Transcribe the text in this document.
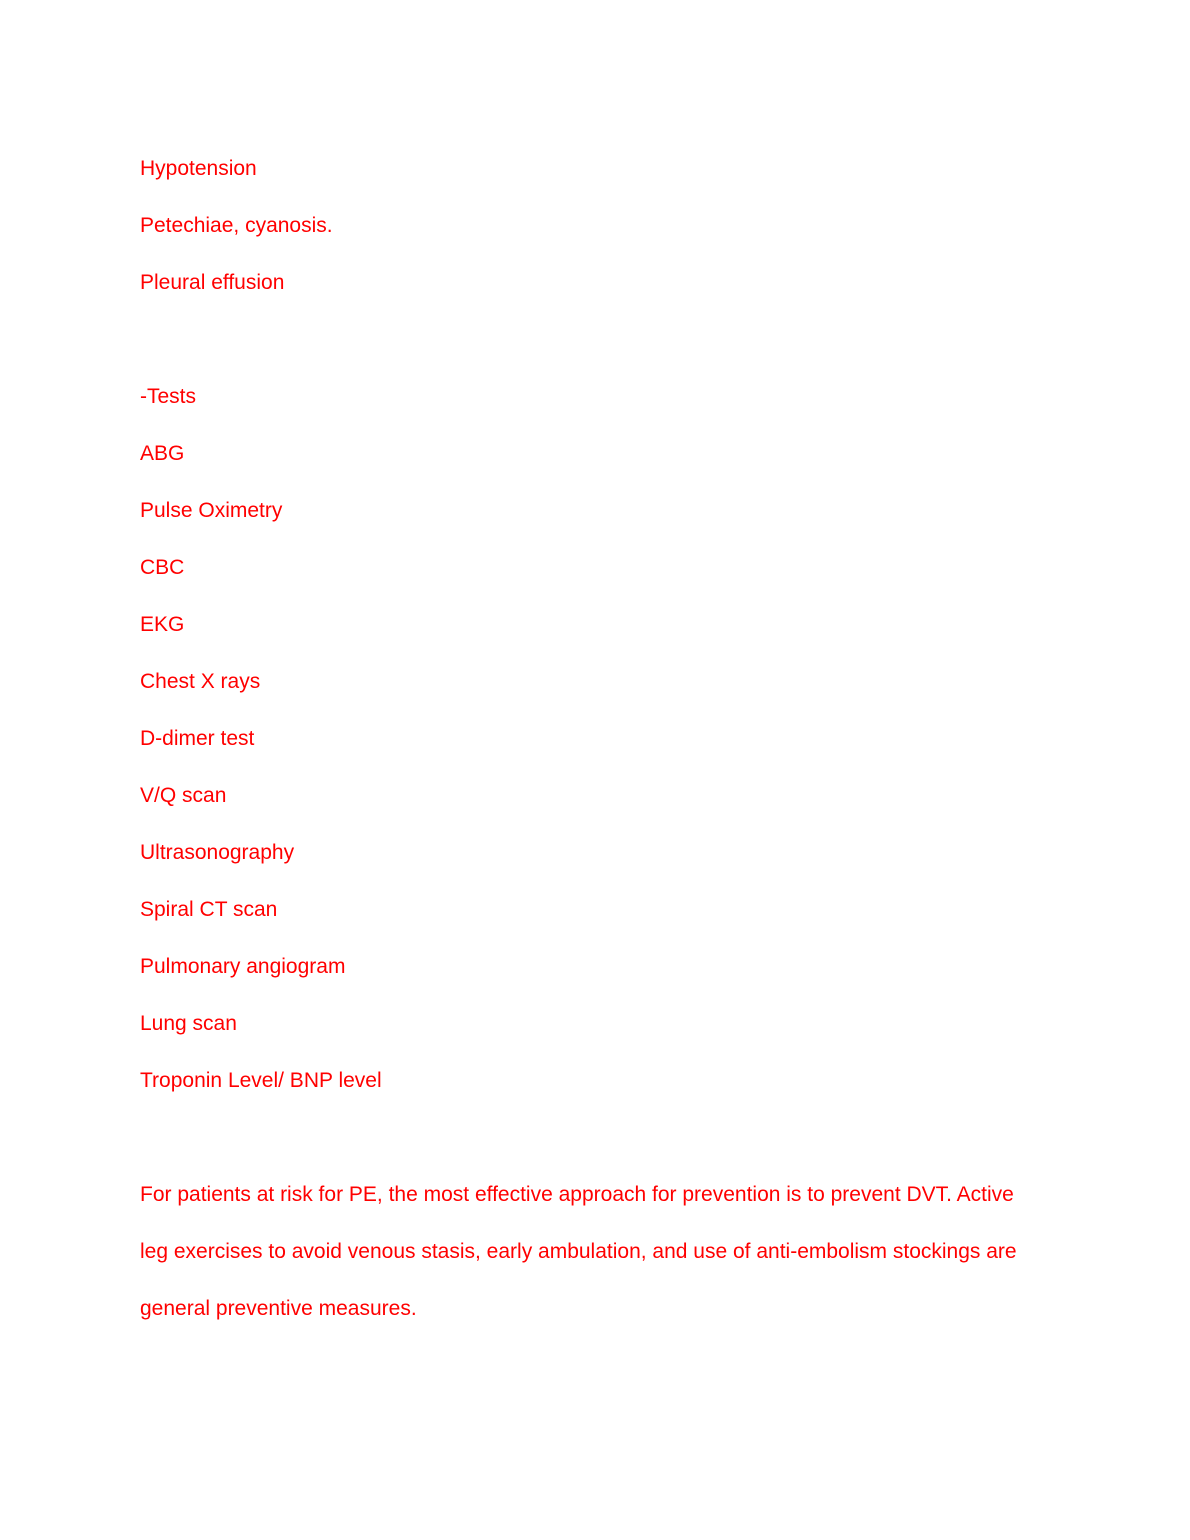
Hypotension

Petechiae, cyanosis.

Pleural effusion

-Tests

ABG

Pulse Oximetry

CBC

EKG

Chest X rays

D-dimer test

V/Q scan

Ultrasonography

Spiral CT scan

Pulmonary angiogram

Lung scan

Troponin Level/ BNP level

For patients at risk for PE, the most effective approach for prevention is to prevent DVT. Active

leg exercises to avoid venous stasis, early ambulation, and use of anti-embolism stockings are

general preventive measures.
